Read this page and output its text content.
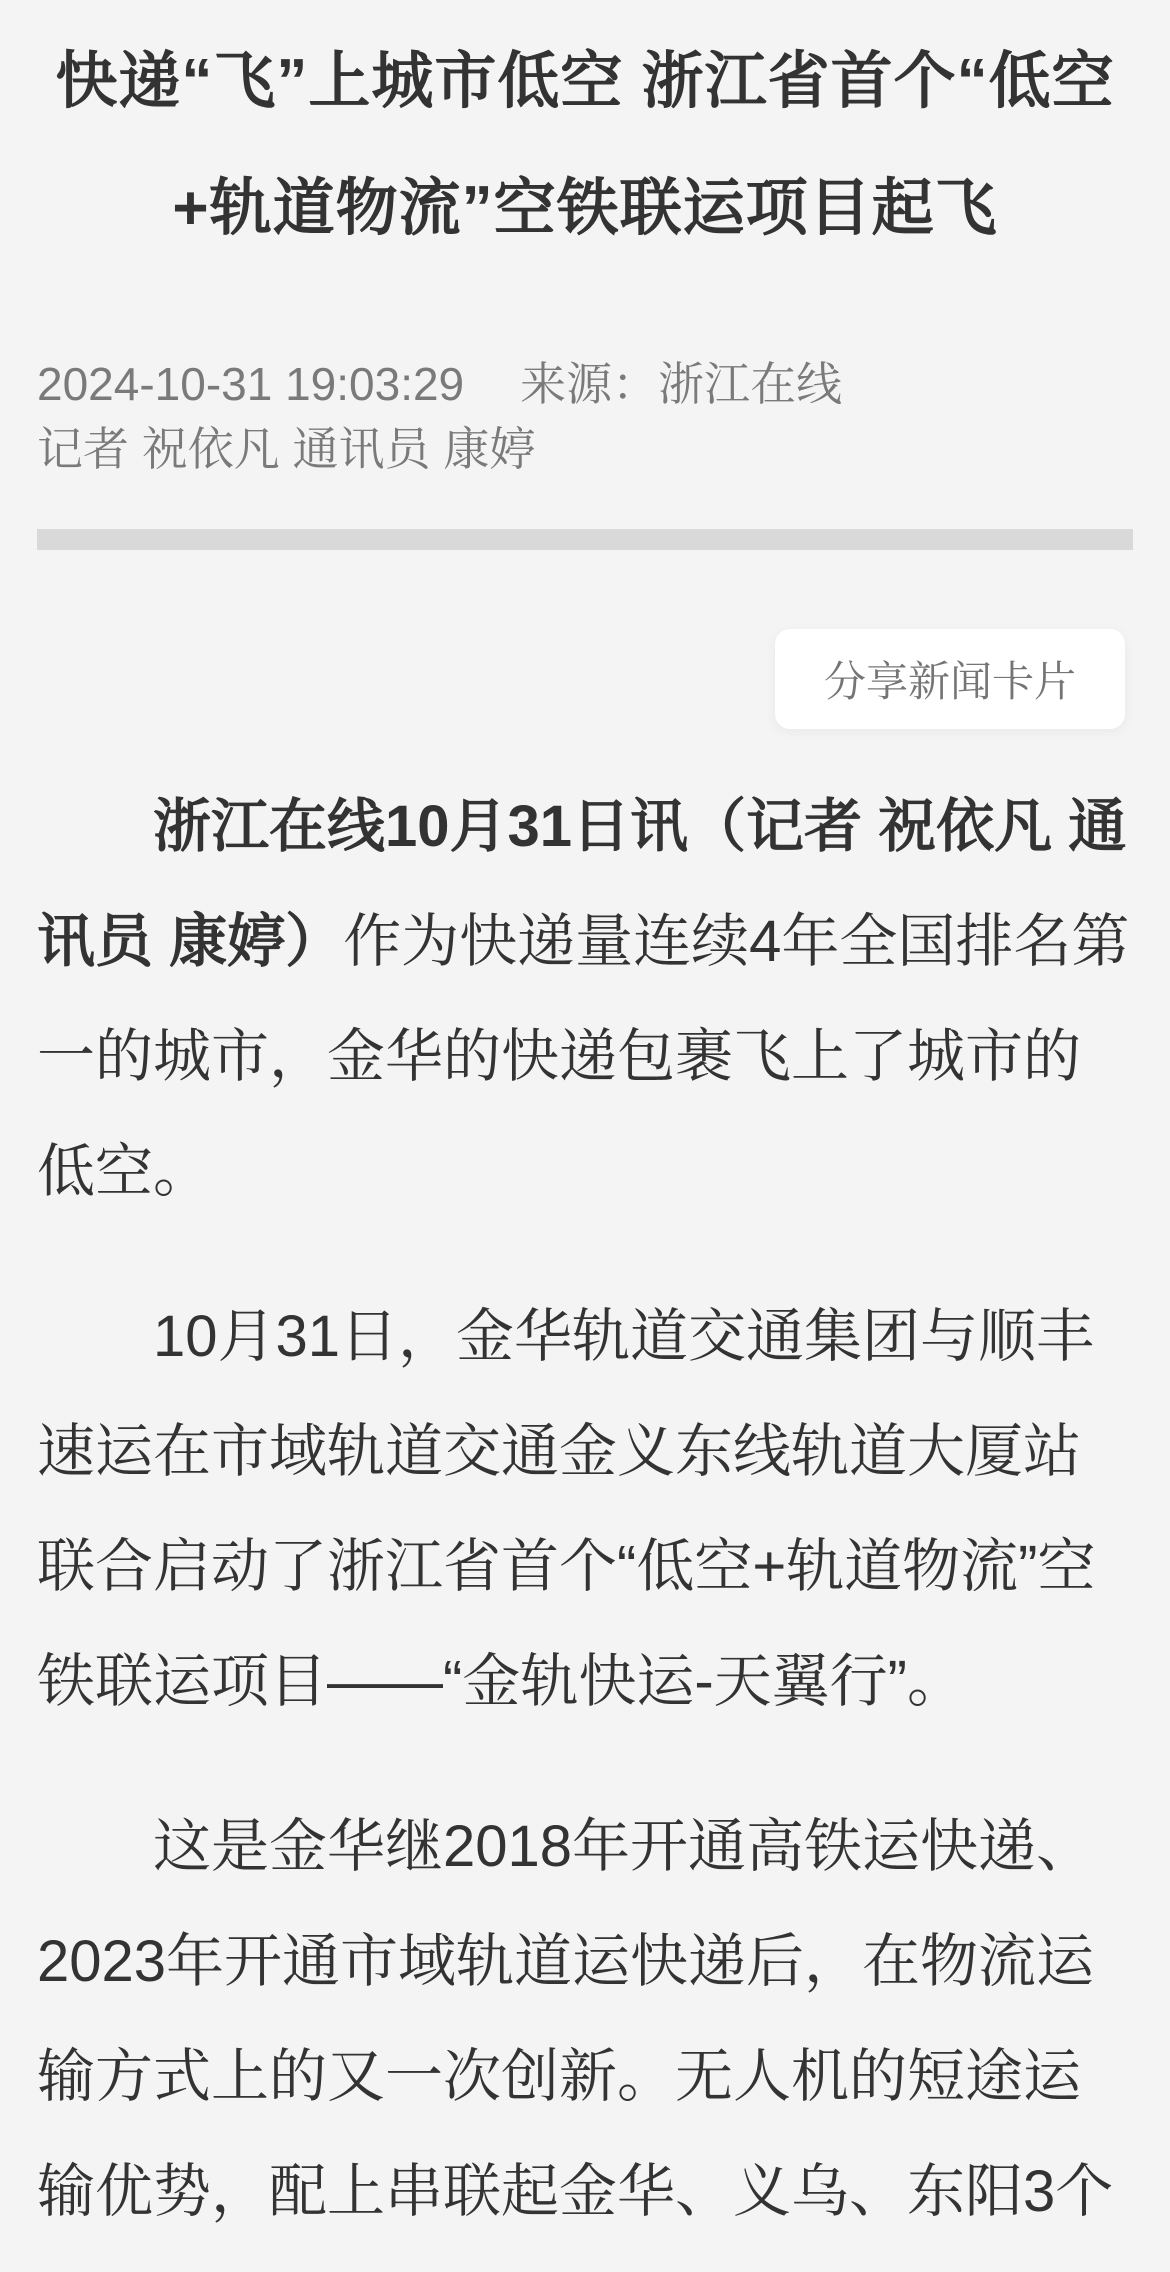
快递“飞”上城市低空 浙江省首个“低空+轨道物流”空铁联运项目起飞
2024-10-31 19:03:29 来源：浙江在线
记者 祝依凡 通讯员 康婷
分享新闻卡片

浙江在线10月31日讯（记者 祝依凡 通讯员 康婷）作为快递量连续4年全国排名第一的城市，金华的快递包裹飞上了城市的低空。

10月31日，金华轨道交通集团与顺丰速运在市域轨道交通金义东线轨道大厦站联合启动了浙江省首个“低空+轨道物流”空铁联运项目——“金轨快运-天翼行”。

这是金华继2018年开通高铁运快递、2023年开通市域轨道运快递后，在物流运输方式上的又一次创新。无人机的短途运输优势，配上串联起金华、义乌、东阳3个
